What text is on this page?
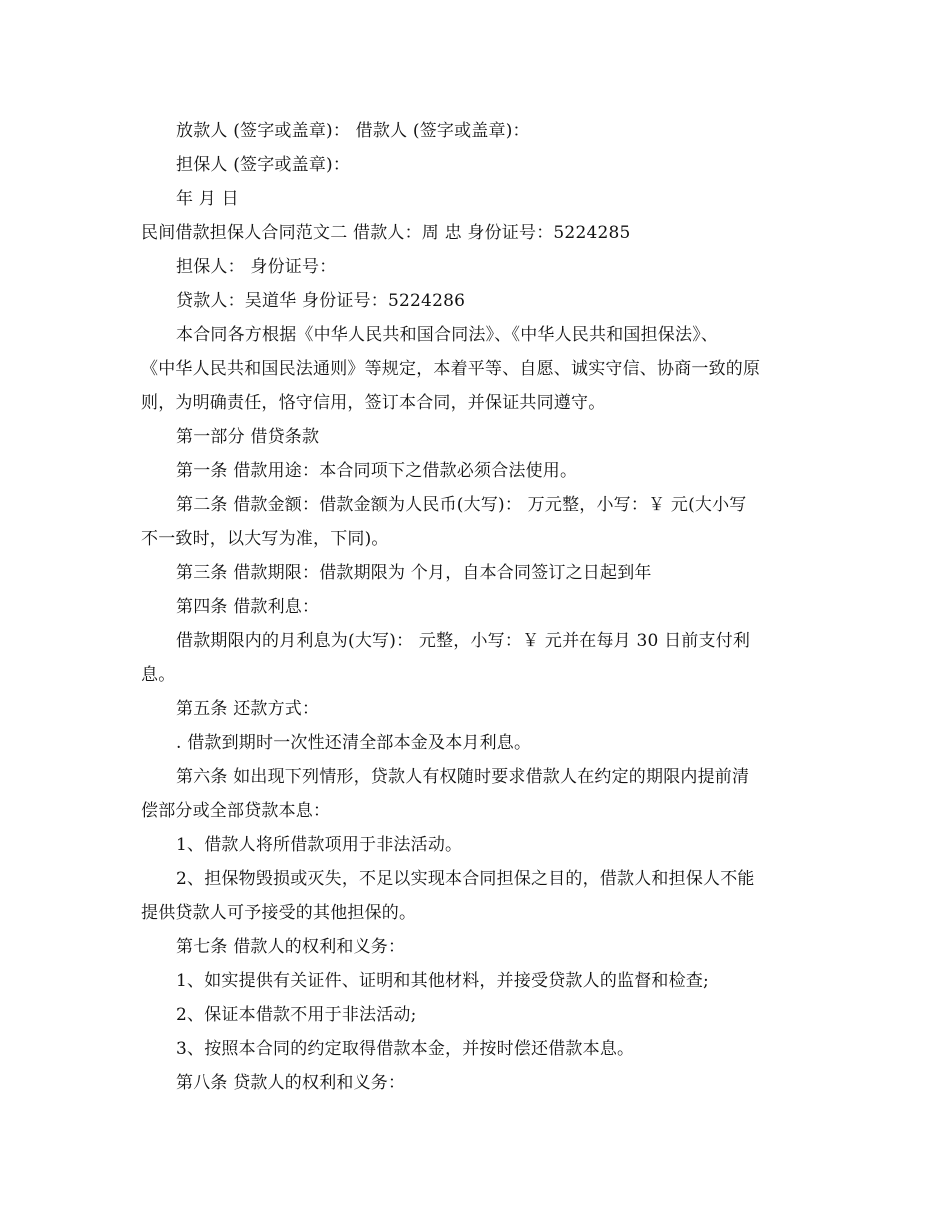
放款人 (签字或盖章)： 借款人 (签字或盖章)：
担保人 (签字或盖章)：
年 月 日
民间借款担保人合同范文二 借款人：周 忠 身份证号：5224285
担保人： 身份证号：
贷款人：吴道华 身份证号：5224286
本合同各方根据《中华人民共和国合同法》、《中华人民共和国担保法》、
《中华人民共和国民法通则》等规定，本着平等、自愿、诚实守信、协商一致的原
则，为明确责任，恪守信用，签订本合同，并保证共同遵守。
第一部分 借贷条款
第一条 借款用途：本合同项下之借款必须合法使用。
第二条 借款金额：借款金额为人民币(大写)： 万元整，小写：￥ 元(大小写
不一致时，以大写为准，下同)。
第三条 借款期限：借款期限为 个月，自本合同签订之日起到年
第四条 借款利息：
借款期限内的月利息为(大写)： 元整，小写：￥ 元并在每月 30 日前支付利
息。
第五条 还款方式：
. 借款到期时一次性还清全部本金及本月利息。
第六条 如出现下列情形，贷款人有权随时要求借款人在约定的期限内提前清
偿部分或全部贷款本息：
1、借款人将所借款项用于非法活动。
2、担保物毁损或灭失，不足以实现本合同担保之目的，借款人和担保人不能
提供贷款人可予接受的其他担保的。
第七条 借款人的权利和义务：
1、如实提供有关证件、证明和其他材料，并接受贷款人的监督和检查;
2、保证本借款不用于非法活动;
3、按照本合同的约定取得借款本金，并按时偿还借款本息。
第八条 贷款人的权利和义务：
